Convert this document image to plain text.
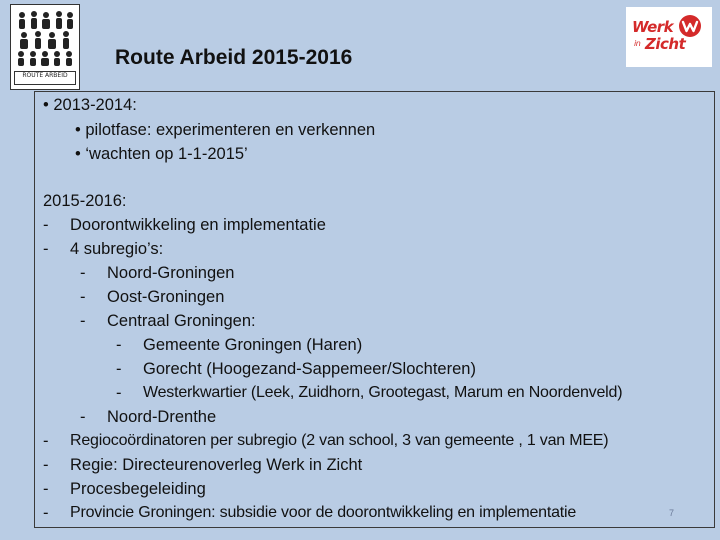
ROUTE ARBEID
Route Arbeid 2015-2016
Werk
in Zicht
• 2013-2014:
• pilotfase: experimenteren en verkennen
• ‘wachten op 1-1-2015’
2015-2016:
- Doorontwikkeling en implementatie
- 4 subregio’s:
- Noord-Groningen
- Oost-Groningen
- Centraal Groningen:
- Gemeente Groningen (Haren)
- Gorecht (Hoogezand-Sappemeer/Slochteren)
- Westerkwartier (Leek, Zuidhorn, Grootegast, Marum en Noordenveld)
- Noord-Drenthe
- Regiocoördinatoren per subregio (2 van school, 3 van gemeente , 1 van MEE)
- Regie: Directeurenoverleg Werk in Zicht
- Procesbegeleiding
- Provincie Groningen: subsidie voor de doorontwikkeling en implementatie	7
